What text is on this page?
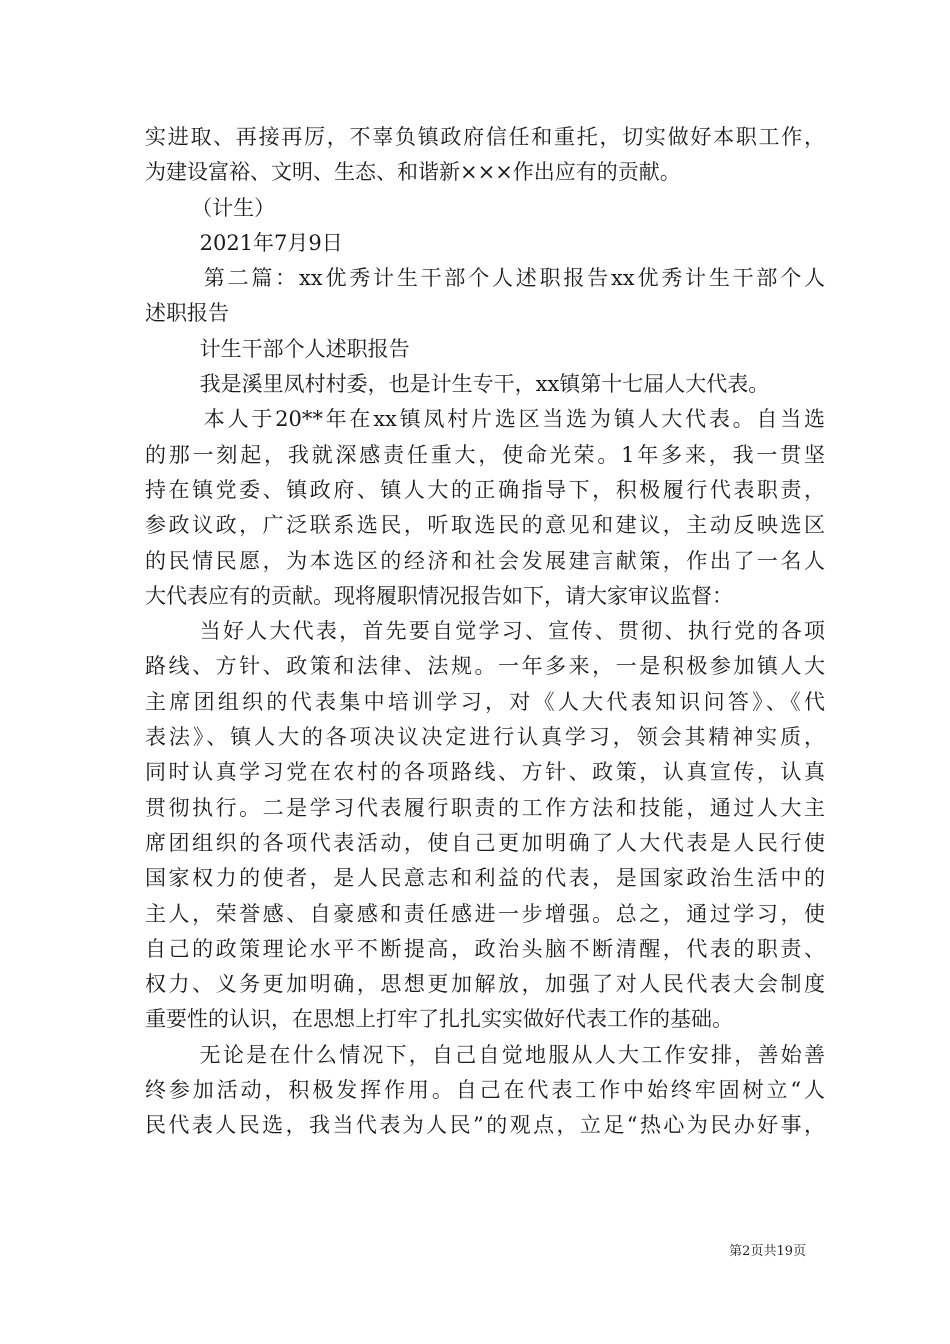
实进取、再接再厉，不辜负镇政府信任和重托，切实做好本职工作，
为建设富裕、文明、生态、和谐新×××作出应有的贡献。
（计生）
2021年7月9日
第二篇：xx优秀计生干部个人述职报告xx优秀计生干部个人
述职报告
计生干部个人述职报告
我是溪里凤村村委，也是计生专干，xx镇第十七届人大代表。
本人于20**年在xx镇凤村片选区当选为镇人大代表。自当选
的那一刻起，我就深感责任重大，使命光荣。1年多来，我一贯坚
持在镇党委、镇政府、镇人大的正确指导下，积极履行代表职责，
参政议政，广泛联系选民，听取选民的意见和建议，主动反映选区
的民情民愿，为本选区的经济和社会发展建言献策，作出了一名人
大代表应有的贡献。现将履职情况报告如下，请大家审议监督：
当好人大代表，首先要自觉学习、宣传、贯彻、执行党的各项
路线、方针、政策和法律、法规。一年多来，一是积极参加镇人大
主席团组织的代表集中培训学习，对《人大代表知识问答》、《代
表法》、镇人大的各项决议决定进行认真学习，领会其精神实质，
同时认真学习党在农村的各项路线、方针、政策，认真宣传，认真
贯彻执行。二是学习代表履行职责的工作方法和技能，通过人大主
席团组织的各项代表活动，使自己更加明确了人大代表是人民行使
国家权力的使者，是人民意志和利益的代表，是国家政治生活中的
主人，荣誉感、自豪感和责任感进一步增强。总之，通过学习，使
自己的政策理论水平不断提高，政治头脑不断清醒，代表的职责、
权力、义务更加明确，思想更加解放，加强了对人民代表大会制度
重要性的认识，在思想上打牢了扎扎实实做好代表工作的基础。
无论是在什么情况下，自己自觉地服从人大工作安排，善始善
终参加活动，积极发挥作用。自己在代表工作中始终牢固树立“人
民代表人民选，我当代表为人民”的观点，立足“热心为民办好事，
第2页共19页
